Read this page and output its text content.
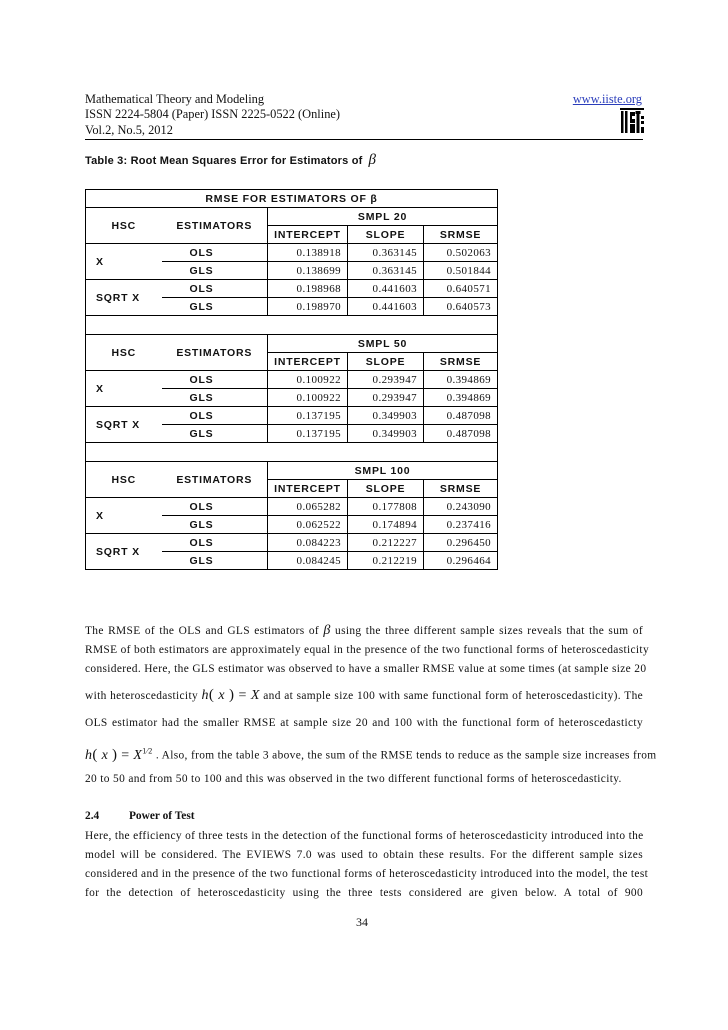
Mathematical Theory and Modeling
ISSN 2224-5804 (Paper) ISSN 2225-0522 (Online)
Vol.2, No.5, 2012
www.iiste.org
Table 3: Root Mean Squares Error for Estimators of β
RMSE FOR ESTIMATORS OF β				
HSC	ESTIMATORS	SMPL 20		
		INTERCEPT	SLOPE	SRMSE
X	OLS	0.138918	0.363145	0.502063
	GLS	0.138699	0.363145	0.501844
SQRT X	OLS	0.198968	0.441603	0.640571
	GLS	0.198970	0.441603	0.640573

HSC	ESTIMATORS	SMPL 50		
		INTERCEPT	SLOPE	SRMSE
X	OLS	0.100922	0.293947	0.394869
	GLS	0.100922	0.293947	0.394869
SQRT X	OLS	0.137195	0.349903	0.487098
	GLS	0.137195	0.349903	0.487098

HSC	ESTIMATORS	SMPL 100		
		INTERCEPT	SLOPE	SRMSE
X	OLS	0.065282	0.177808	0.243090
	GLS	0.062522	0.174894	0.237416
SQRT X	OLS	0.084223	0.212227	0.296450
	GLS	0.084245	0.212219	0.296464
The RMSE of the OLS and GLS estimators of β using the three different sample sizes reveals that the sum of
RMSE of both estimators are approximately equal in the presence of the two functional forms of heteroscedasticity
considered. Here, the GLS estimator was observed to have a smaller RMSE value at some times (at sample size 20
with heteroscedasticity h( x ) = X and at sample size 100 with same functional form of heteroscedasticity). The
OLS estimator had the smaller RMSE at sample size 20 and 100 with the functional form of heteroscedasticty
h( x ) = $X^{1⁄2}$ . Also, from the table 3 above, the sum of the RMSE tends to reduce as the sample size increases from
20 to 50 and from 50 to 100 and this was observed in the two different functional forms of heteroscedasticity.
2.4	Power of Test
Here, the efficiency of three tests in the detection of the functional forms of heteroscedasticity introduced into the
model will be considered. The EVIEWS 7.0 was used to obtain these results. For the different sample sizes
considered and in the presence of the two functional forms of heteroscedasticity introduced into the model, the test
for the detection of heteroscedasticity using the three tests considered are given below. A total of 900
34
